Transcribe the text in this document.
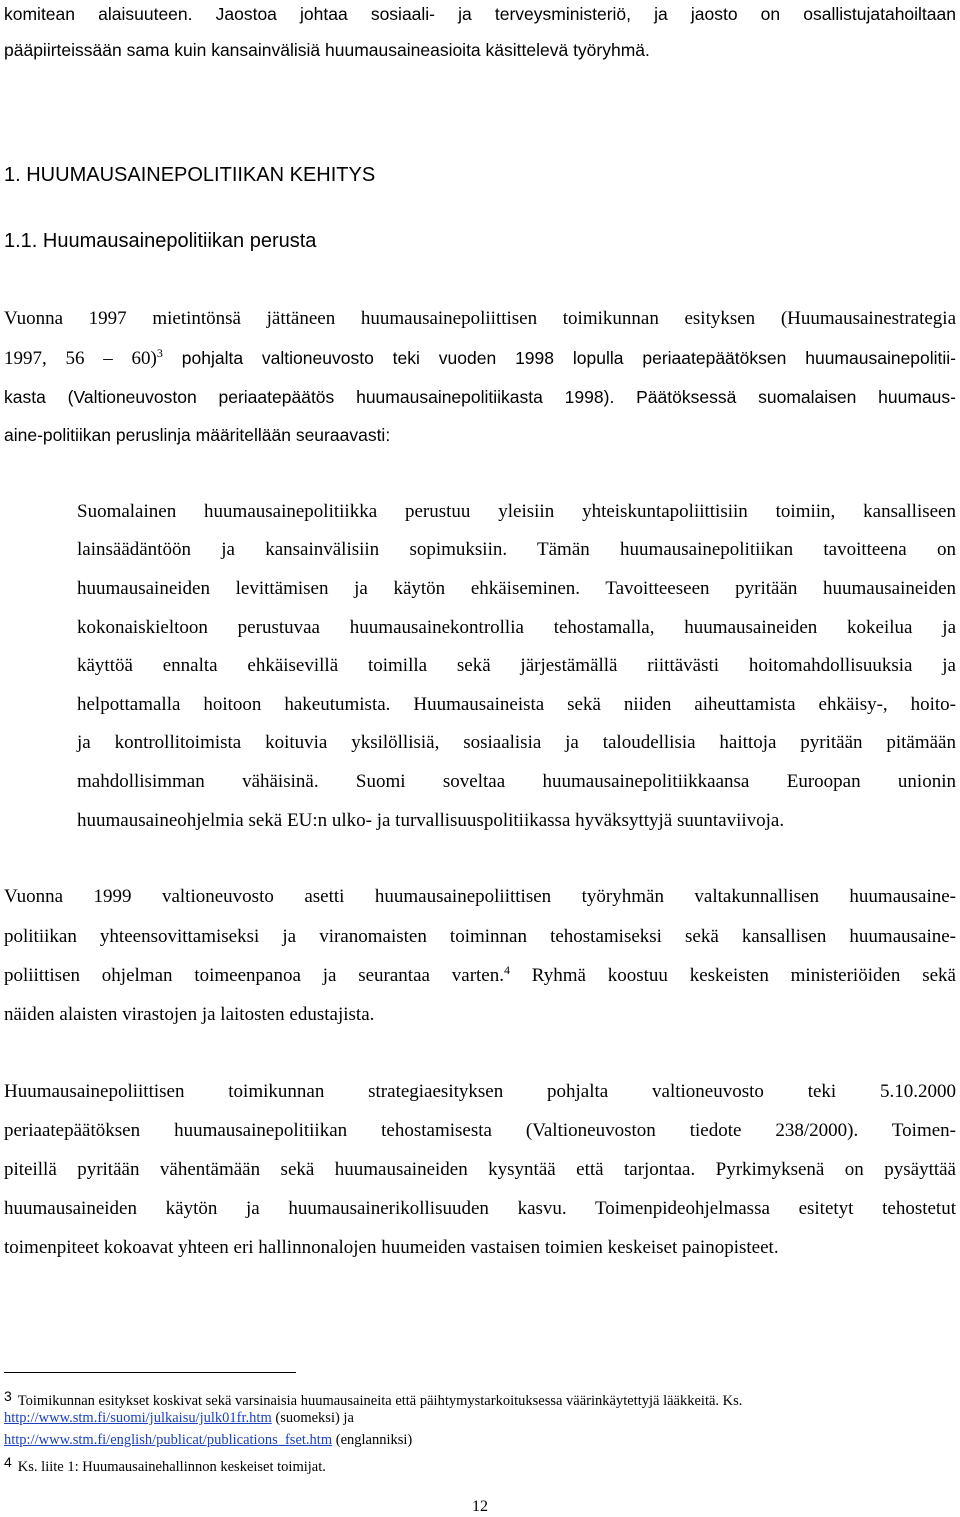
komitean alaisuuteen. Jaostoa johtaa sosiaali- ja terveysministeriö, ja jaosto on osallistujatahoiltaan

pääpiirteissään sama kuin kansainvälisiä huumausaineasioita käsittelevä työryhmä.

1. HUUMAUSAINEPOLITIIKAN KEHITYS

1.1. Huumausainepolitiikan perusta

Vuonna 1997 mietintönsä jättäneen huumausainepoliittisen toimikunnan esityksen (Huumausainestrategia

1997, 56 – 60)$^3$ pohjalta valtioneuvosto teki vuoden 1998 lopulla periaatepäätöksen huumausainepolitii-

kasta (Valtioneuvoston periaatepäätös huumausainepolitiikasta 1998). Päätöksessä suomalaisen huumaus-

aine-politiikan peruslinja määritellään seuraavasti:

Suomalainen huumausainepolitiikka perustuu yleisiin yhteiskuntapoliittisiin toimiin, kansalliseen

lainsäädäntöön ja kansainvälisiin sopimuksiin. Tämän huumausainepolitiikan tavoitteena on

huumausaineiden levittämisen ja käytön ehkäiseminen. Tavoitteeseen pyritään huumausaineiden

kokonaiskieltoon perustuvaa huumausainekontrollia tehostamalla, huumausaineiden kokeilua ja

käyttöä ennalta ehkäisevillä toimilla sekä järjestämällä riittävästi hoitomahdollisuuksia ja

helpottamalla hoitoon hakeutumista. Huumausaineista sekä niiden aiheuttamista ehkäisy-, hoito-

ja kontrollitoimista koituvia yksilöllisiä, sosiaalisia ja taloudellisia haittoja pyritään pitämään

mahdollisimman vähäisinä. Suomi soveltaa huumausainepolitiikkaansa Euroopan unionin

huumausaineohjelmia sekä EU:n ulko- ja turvallisuuspolitiikassa hyväksyttyjä suuntaviivoja.

Vuonna 1999 valtioneuvosto asetti huumausainepoliittisen työryhmän valtakunnallisen huumausaine-

politiikan yhteensovittamiseksi ja viranomaisten toiminnan tehostamiseksi sekä kansallisen huumausaine-

poliittisen ohjelman toimeenpanoa ja seurantaa varten.$^4$ Ryhmä koostuu keskeisten ministeriöiden sekä

näiden alaisten virastojen ja laitosten edustajista.

Huumausainepoliittisen toimikunnan strategiaesityksen pohjalta valtioneuvosto teki 5.10.2000

periaatepäätöksen huumausainepolitiikan tehostamisesta (Valtioneuvoston tiedote 238/2000). Toimen-

piteillä pyritään vähentämään sekä huumausaineiden kysyntää että tarjontaa. Pyrkimyksenä on pysäyttää

huumausaineiden käytön ja huumausainerikollisuuden kasvu. Toimenpideohjelmassa esitetyt tehostetut

toimenpiteet kokoavat yhteen eri hallinnonalojen huumeiden vastaisen toimien keskeiset painopisteet.

3 Toimikunnan esitykset koskivat sekä varsinaisia huumausaineita että päihtymystarkoituksessa väärinkäytettyjä lääkkeitä. Ks.
http://www.stm.fi/suomi/julkaisu/julk01fr.htm (suomeksi) ja
http://www.stm.fi/english/publicat/publications_fset.htm (englanniksi)
4 Ks. liite 1: Huumausainehallinnon keskeiset toimijat.
12
